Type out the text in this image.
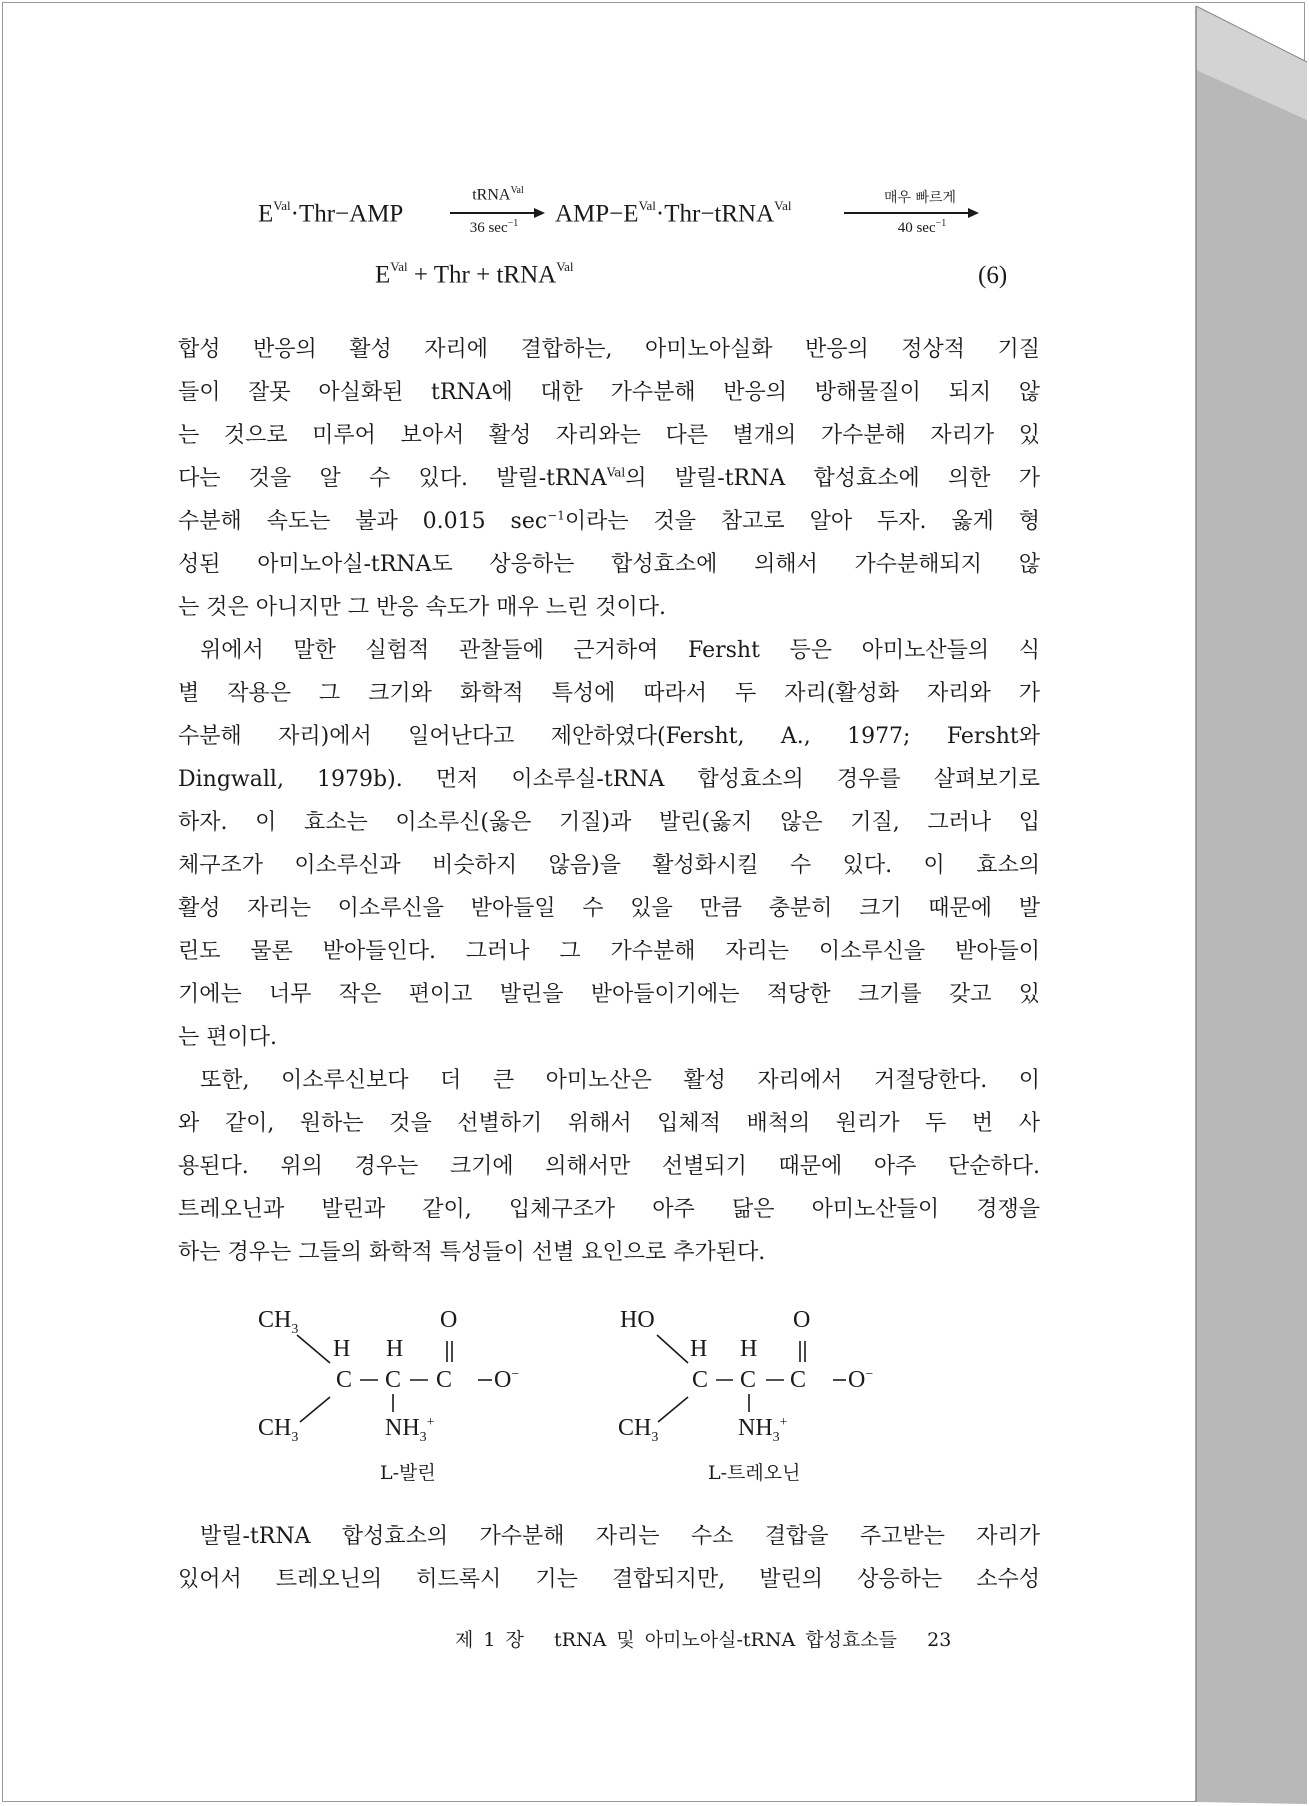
$E^{Val}\cdot Thr-AMP$
tRNA$^{Val}$
36 $\sec^{-1}$	$AMP-E^{Val}\cdot Thr-tRNA^{Val}$	매우 빠르게
40 $\sec^{-1}$
$E^{Val}$ + Thr + tRNA$^{Val}$	(6)
합성 반응의 활성 자리에 결합하는, 아미노아실화 반응의 정상적 기질
들이 잘못 아실화된 tRNA에 대한 가수분해 반응의 방해물질이 되지 않
는 것으로 미루어 보아서 활성 자리와는 다른 별개의 가수분해 자리가 있
다는 것을 알 수 있다. 발릴-tRNA$^{Val}$의 발릴-tRNA 합성효소에 의한 가
수분해 속도는 불과 0.015 $\sec^{-1}$이라는 것을 참고로 알아 두자. 옳게 형
성된 아미노아실-tRNA도 상응하는 합성효소에 의해서 가수분해되지 않
는 것은 아니지만 그 반응 속도가 매우 느린 것이다.
위에서 말한 실험적 관찰들에 근거하여 Fersht 등은 아미노산들의 식
별 작용은 그 크기와 화학적 특성에 따라서 두 자리(활성화 자리와 가
수분해 자리)에서 일어난다고 제안하였다(Fersht, A., 1977; Fersht와
Dingwall, 1979b). 먼저 이소루실-tRNA 합성효소의 경우를 살펴보기로
하자. 이 효소는 이소루신(옳은 기질)과 발린(옳지 않은 기질, 그러나 입
체구조가 이소루신과 비슷하지 않음)을 활성화시킬 수 있다. 이 효소의
활성 자리는 이소루신을 받아들일 수 있을 만큼 충분히 크기 때문에 발
린도 물론 받아들인다. 그러나 그 가수분해 자리는 이소루신을 받아들이
기에는 너무 작은 편이고 발린을 받아들이기에는 적당한 크기를 갖고 있
는 편이다.
또한, 이소루신보다 더 큰 아미노산은 활성 자리에서 거절당한다. 이
와 같이, 원하는 것을 선별하기 위해서 입체적 배척의 원리가 두 번 사
용된다. 위의 경우는 크기에 의해서만 선별되기 때문에 아주 단순하다.
트레오닌과 발린과 같이, 입체구조가 아주 닮은 아미노산들이 경쟁을
하는 경우는 그들의 화학적 특성들이 선별 요인으로 추가된다.
$CH_3$	O
H H
C C C O−
$CH_3$	$NH_3^+$
L-발린
HO	O
H H
C C C O−
$CH_3$	$NH_3^+$
L-트레오닌
발릴-tRNA 합성효소의 가수분해 자리는 수소 결합을 주고받는 자리가
있어서 트레오닌의 히드록시 기는 결합되지만, 발린의 상응하는 소수성
제 1 장 tRNA 및 아미노아실-tRNA 합성효소들 23
